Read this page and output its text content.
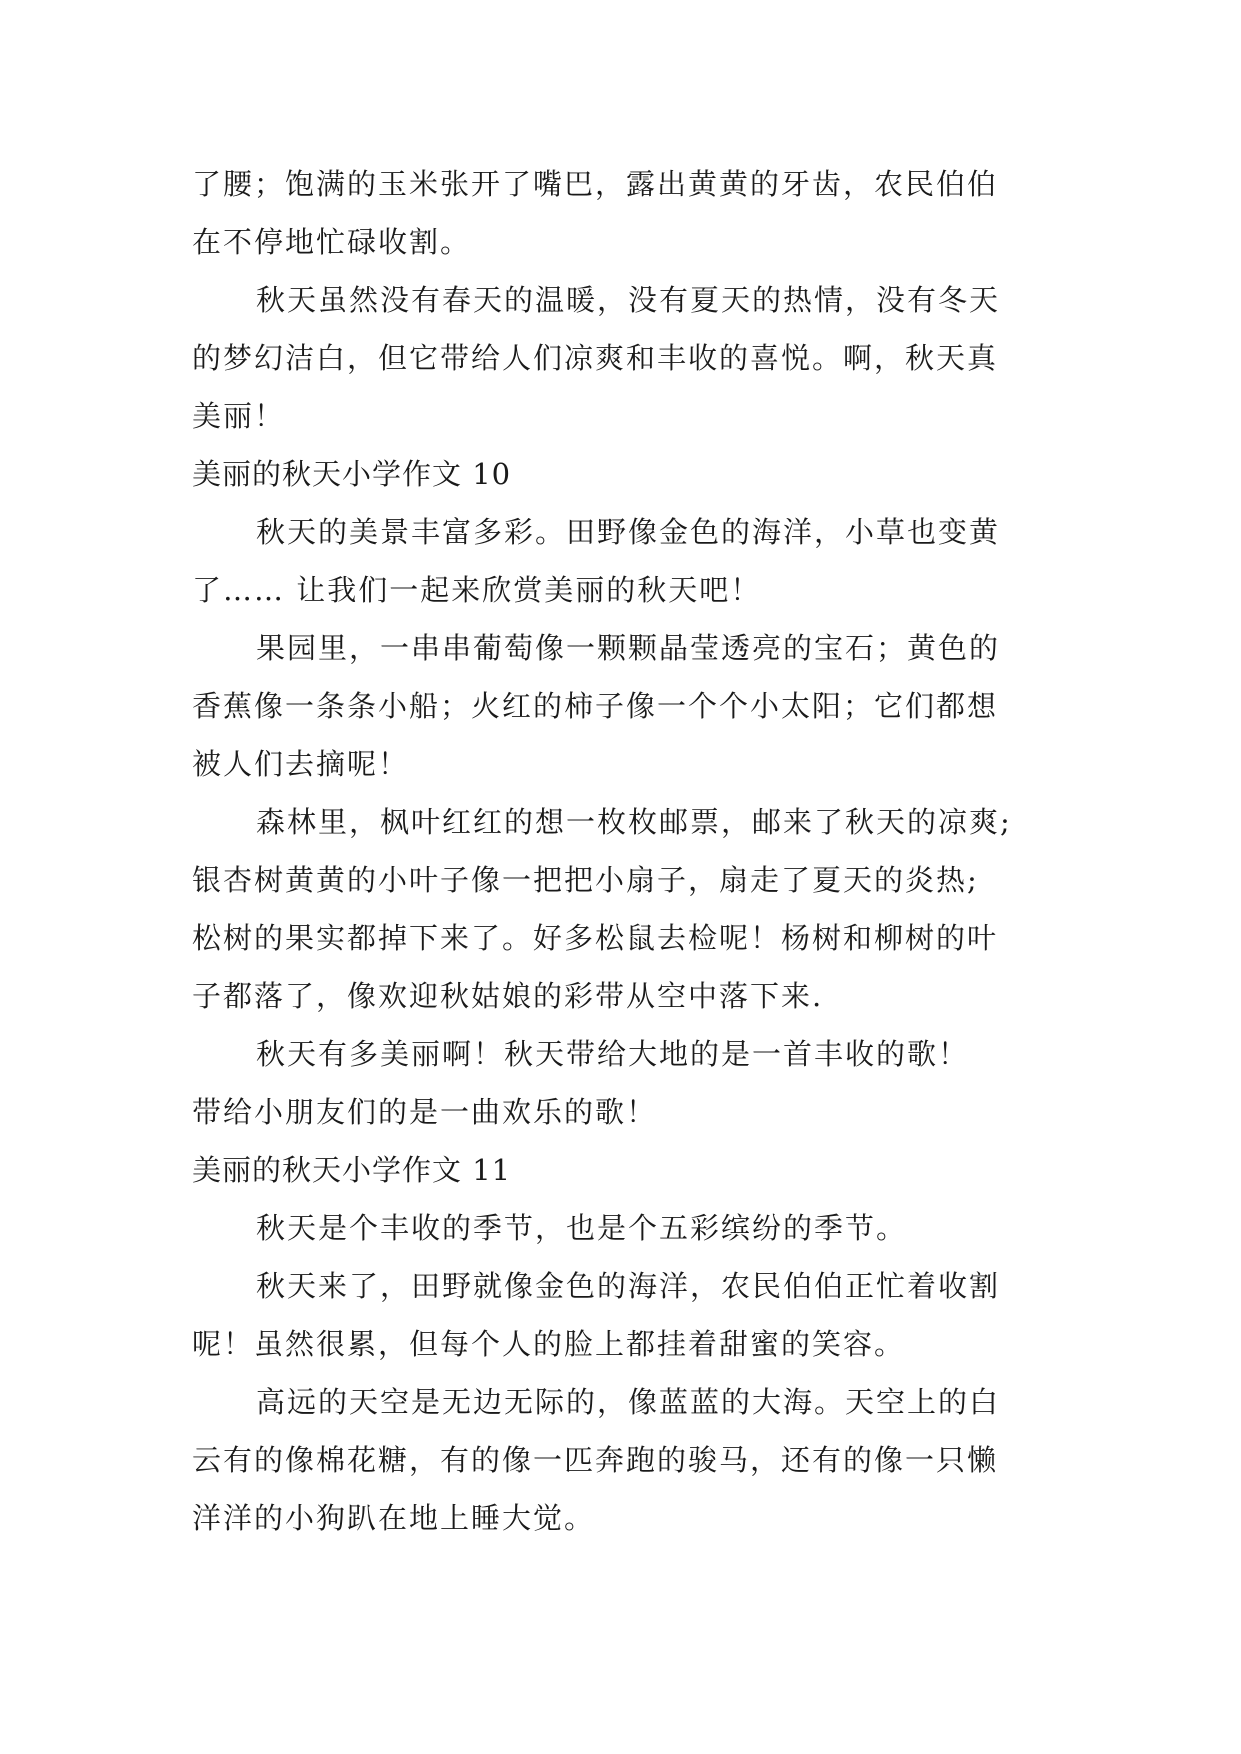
了腰；饱满的玉米张开了嘴巴，露出黄黄的牙齿，农民伯伯
在不停地忙碌收割。
秋天虽然没有春天的温暖，没有夏天的热情，没有冬天
的梦幻洁白，但它带给人们凉爽和丰收的喜悦。啊，秋天真
美丽！
美丽的秋天小学作文 10
秋天的美景丰富多彩。田野像金色的海洋，小草也变黄
了…… 让我们一起来欣赏美丽的秋天吧！
果园里，一串串葡萄像一颗颗晶莹透亮的宝石；黄色的
香蕉像一条条小船；火红的柿子像一个个小太阳；它们都想
被人们去摘呢！
森林里，枫叶红红的想一枚枚邮票，邮来了秋天的凉爽;
银杏树黄黄的小叶子像一把把小扇子，扇走了夏天的炎热;
松树的果实都掉下来了。好多松鼠去检呢！杨树和柳树的叶
子都落了，像欢迎秋姑娘的彩带从空中落下来.
秋天有多美丽啊！秋天带给大地的是一首丰收的歌！
带给小朋友们的是一曲欢乐的歌！
美丽的秋天小学作文 11
秋天是个丰收的季节，也是个五彩缤纷的季节。
秋天来了，田野就像金色的海洋，农民伯伯正忙着收割
呢！虽然很累，但每个人的脸上都挂着甜蜜的笑容。
高远的天空是无边无际的，像蓝蓝的大海。天空上的白
云有的像棉花糖，有的像一匹奔跑的骏马，还有的像一只懒
洋洋的小狗趴在地上睡大觉。
